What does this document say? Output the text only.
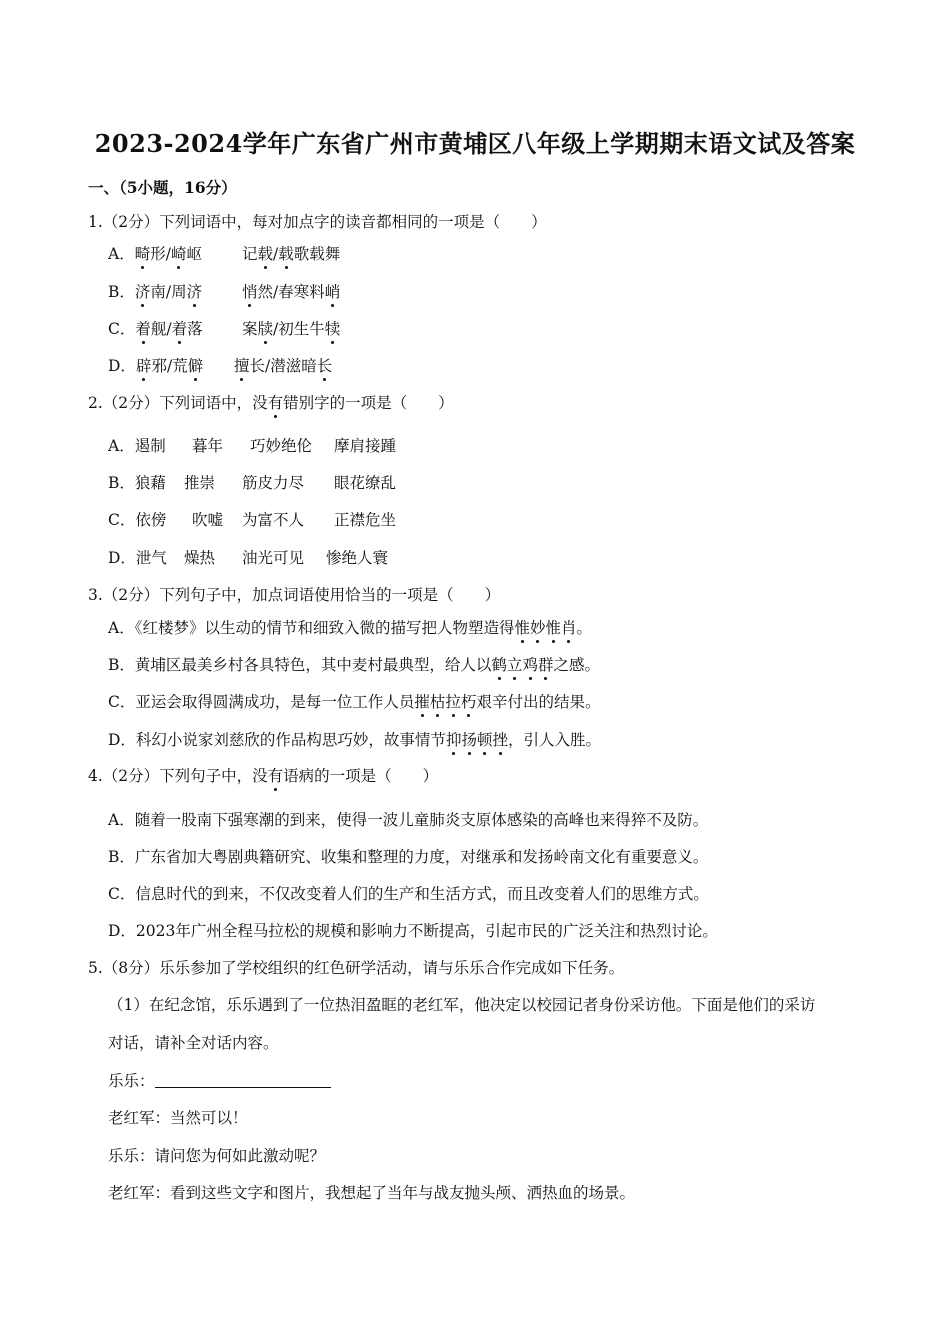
2023-2024学年广东省广州市黄埔区八年级上学期期末语文试及答案
一、（5小题，16分）
1.（2分）下列词语中，每对加点字的读音都相同的一项是（　　）
A．畸形/崎岖	记载/载歌载舞
B．济南/周济	悄然/春寒料峭
C．着舰/着落	案牍/初生牛犊
D．辟邪/荒僻 擅长/潜滋暗长
2.（2分）下列词语中，没有错别字的一项是（　　）
A．遏制 暮年 巧妙绝伦 摩肩接踵
B．狼藉 推崇 筋皮力尽 眼花缭乱
C．依傍 吹嘘 为富不人 正襟危坐
D．泄气 燥热 油光可见 惨绝人寰
3.（2分）下列句子中，加点词语使用恰当的一项是（　　）
A．《红楼梦》以生动的情节和细致入微的描写把人物塑造得惟妙惟肖。
B．黄埔区最美乡村各具特色，其中麦村最典型，给人以鹤立鸡群之感。
C．亚运会取得圆满成功，是每一位工作人员摧枯拉朽艰辛付出的结果。
D．科幻小说家刘慈欣的作品构思巧妙，故事情节抑扬顿挫，引人入胜。
4.（2分）下列句子中，没有语病的一项是（　　）
A．随着一股南下强寒潮的到来，使得一波儿童肺炎支原体感染的高峰也来得猝不及防。
B．广东省加大粤剧典籍研究、收集和整理的力度，对继承和发扬岭南文化有重要意义。
C．信息时代的到来，不仅改变着人们的生产和生活方式，而且改变着人们的思维方式。
D．2023年广州全程马拉松的规模和影响力不断提高，引起市民的广泛关注和热烈讨论。
5.（8分）乐乐参加了学校组织的红色研学活动，请与乐乐合作完成如下任务。
（1）在纪念馆，乐乐遇到了一位热泪盈眶的老红军，他决定以校园记者身份采访他。下面是他们的采访
对话，请补全对话内容。
乐乐：
老红军：当然可以！
乐乐：请问您为何如此激动呢？
老红军：看到这些文字和图片，我想起了当年与战友抛头颅、洒热血的场景。
